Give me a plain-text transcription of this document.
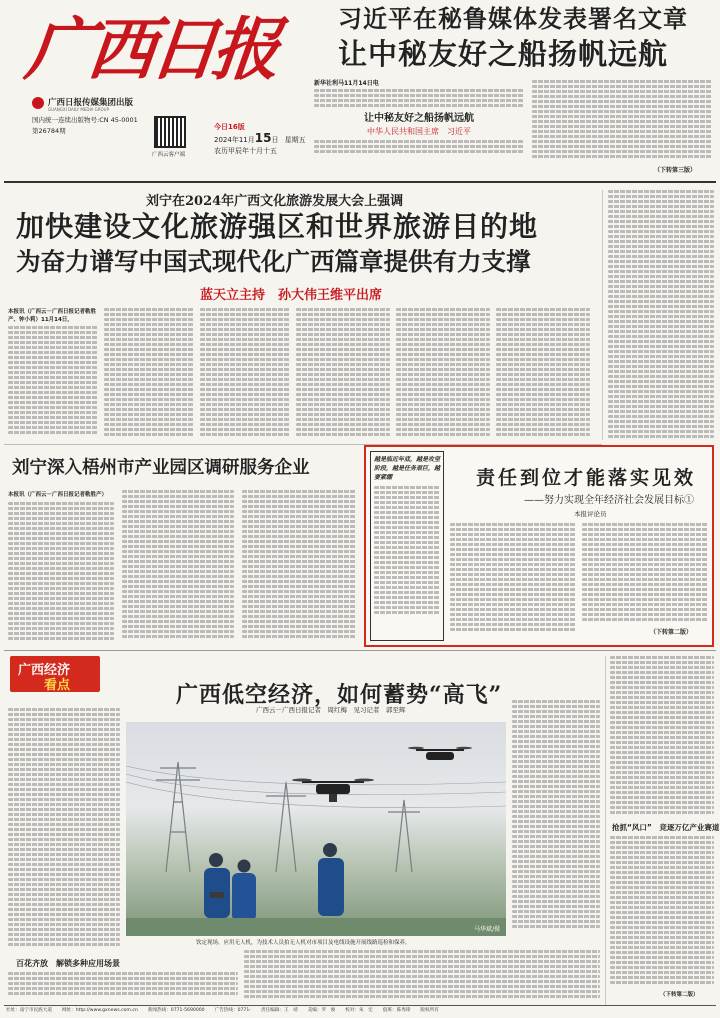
广西日报
广西日报传媒集团出版
GUANGXI DAILY MEDIA GROUP
国内统一连续出版物号:CN 45-0001
第26784期	今日16版
2024年11月15日 星期五
农历甲辰年十月十五
广西云客户端
习近平在秘鲁媒体发表署名文章
让中秘友好之船扬帆远航
新华社利马11月14日电
让中秘友好之船扬帆远航
中华人民共和国主席　习近平
（下转第三版）
刘宁在2024年广西文化旅游发展大会上强调
加快建设文化旅游强区和世界旅游目的地
为奋力谱写中国式现代化广西篇章提供有力支撑
蓝天立主持　孙大伟王维平出席
本报讯（广西云－广西日报记者勒胜产、钟小莉）11月14日，
刘宁深入梧州市产业园区调研服务企业
本报讯（广西云－广西日报记者勒胜产）
越是临近年底，越是攻坚阶段，越是任务艰巨，越要紧绷	责任到位才能落实见效
——努力实现全年经济社会发展目标①
本报评论员
（下转第二版）
广西经济
看点	广西低空经济，如何蓄势“高飞”
广西云－广西日报记者　周红梅　见习记者　郭至辉
百花齐放　解锁多种应用场景
马华斌/摄
饮定现场，应用无人机，为技术人员拍无人机对市项目及电线设施开展线路巡检和保养。
抢抓“风口”　竞逐万亿产业赛道
（下转第二版）
社址：南宁市民族大道 网址：http://www.gxnews.com.cn 新闻热线：0771-5690000 广告热线：0771- 责任编辑：王　靖 美编：罗　俊 校对：朱　宏 值班：陈秀锋 版权所有
